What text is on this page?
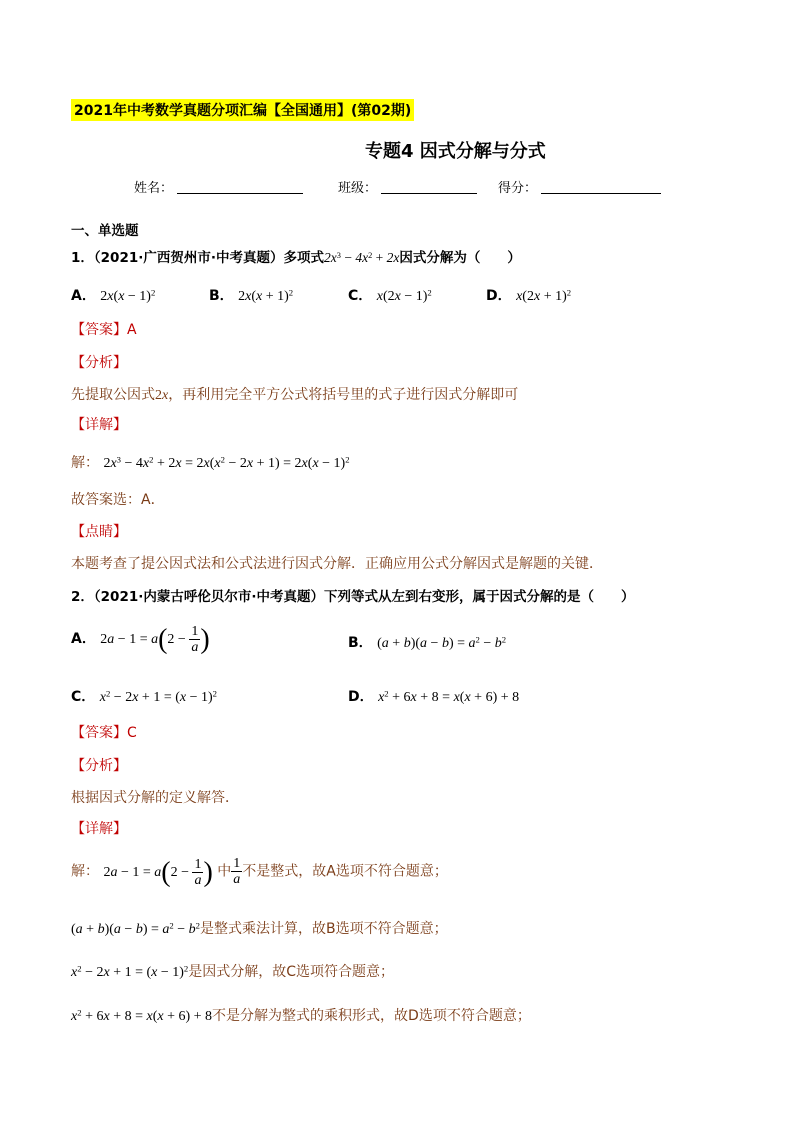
2021年中考数学真题分项汇编【全国通用】(第02期)
专题4 因式分解与分式
姓名：	班级：	得分：
一、单选题
1．（2021·广西贺州市·中考真题）多项式$2x^3 - 4x^2 + 2x$因式分解为（　　）
A． $2x(x - 1)^2$	B． $2x(x + 1)^2$	C． $x(2x - 1)^2$	D． $x(2x + 1)^2$
【答案】A
【分析】
先提取公因式2x，再利用完全平方公式将括号里的式子进行因式分解即可
【详解】
解： $2x^3 - 4x^2 + 2x = 2x(x^2 - 2x + 1) = 2x(x - 1)^2$
故答案选：A．
【点睛】
本题考查了提公因式法和公式法进行因式分解．正确应用公式分解因式是解题的关键．
2．（2021·内蒙古呼伦贝尔市·中考真题）下列等式从左到右变形，属于因式分解的是（　　）
A． $2a - 1 = a(2 - \frac{1}{a}$ )	B． $(a + b)(a - b) = a^2 - b^2$
C． $x^2 - 2x + 1 = (x - 1)^2$	D． $x^2 + 6x + 8 = x(x + 6) + 8$
【答案】C
【分析】
根据因式分解的定义解答．
【详解】
解： $2a - 1 = a(2 - \frac{1}{a}$ ) 中 $\frac{1}{a}$ 不是整式，故A选项不符合题意；
$(a + b)(a - b) = a^2 - b^2$是整式乘法计算，故B选项不符合题意；
$x^2 - 2x + 1 = (x - 1)^2$是因式分解，故C选项符合题意；
$x^2 + 6x + 8 = x(x + 6) + 8$不是分解为整式的乘积形式，故D选项不符合题意；
